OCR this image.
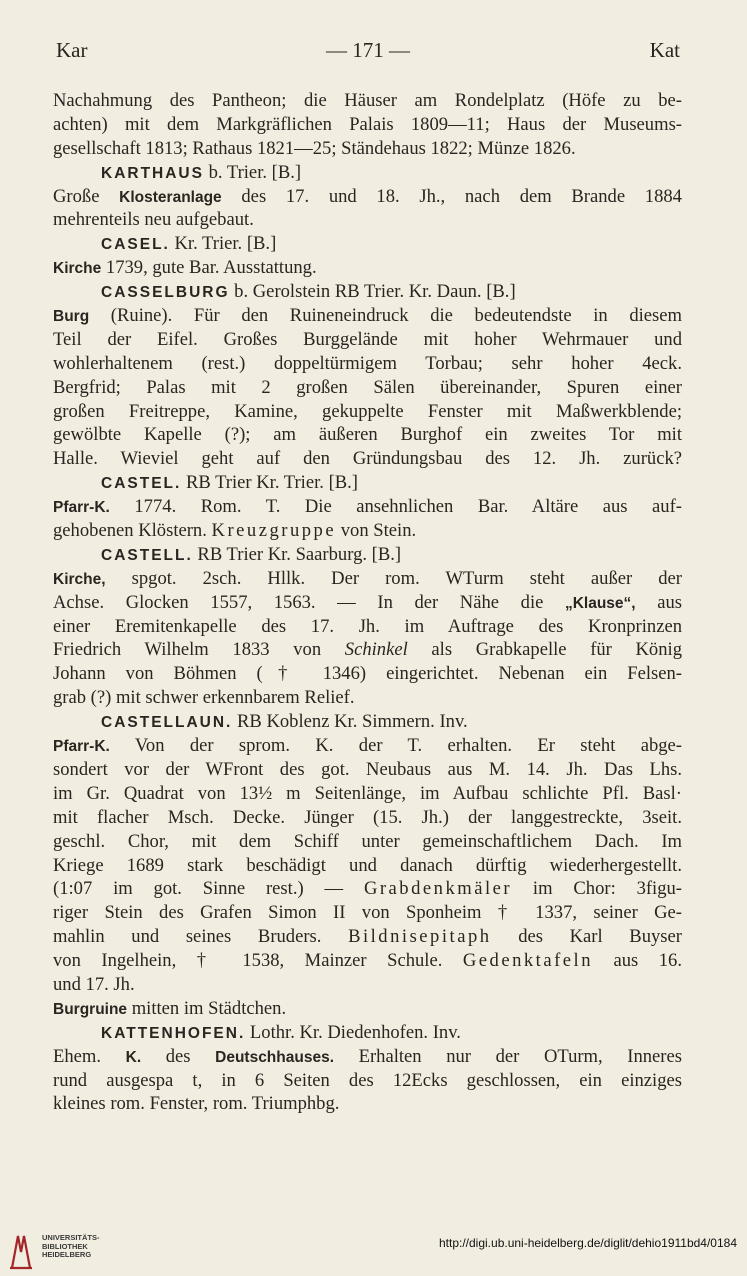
Kar	— 171 —	Kat
Nachahmung des Pantheon; die Häuser am Rondelplatz (Höfe zu be-
achten) mit dem Markgräflichen Palais 1809—11; Haus der Museums-
gesellschaft 1813; Rathaus 1821—25; Ständehaus 1822; Münze 1826.
KARTHAUS b. Trier. [B.]
Große Klosteranlage des 17. und 18. Jh., nach dem Brande 1884
mehrenteils neu aufgebaut.
CASEL. Kr. Trier. [B.]
Kirche 1739, gute Bar. Ausstattung.
CASSELBURG b. Gerolstein RB Trier. Kr. Daun. [B.]
Burg (Ruine). Für den Ruineneindruck die bedeutendste in diesem
Teil der Eifel. Großes Burggelände mit hoher Wehrmauer und
wohlerhaltenem (rest.) doppeltürmigem Torbau; sehr hoher 4eck.
Bergfrid; Palas mit 2 großen Sälen übereinander, Spuren einer
großen Freitreppe, Kamine, gekuppelte Fenster mit Maßwerkblende;
gewölbte Kapelle (?); am äußeren Burghof ein zweites Tor mit
Halle. Wieviel geht auf den Gründungsbau des 12. Jh. zurück?
CASTEL. RB Trier Kr. Trier. [B.]
Pfarr-K. 1774. Rom. T. Die ansehnlichen Bar. Altäre aus auf-
gehobenen Klöstern. Kreuzgruppe von Stein.
CASTELL. RB Trier Kr. Saarburg. [B.]
Kirche, spgot. 2sch. Hllk. Der rom. WTurm steht außer der
Achse. Glocken 1557, 1563. — In der Nähe die „Klause“, aus
einer Eremitenkapelle des 17. Jh. im Auftrage des Kronprinzen
Friedrich Wilhelm 1833 von Schinkel als Grabkapelle für König
Johann von Böhmen († 1346) eingerichtet. Nebenan ein Felsen-
grab (?) mit schwer erkennbarem Relief.
CASTELLAUN. RB Koblenz Kr. Simmern. Inv.
Pfarr-K. Von der sprom. K. der T. erhalten. Er steht abge-
sondert vor der WFront des got. Neubaus aus M. 14. Jh. Das Lhs.
im Gr. Quadrat von 13½ m Seitenlänge, im Aufbau schlichte Pfl. Basl·
mit flacher Msch. Decke. Jünger (15. Jh.) der langgestreckte, 3seit.
geschl. Chor, mit dem Schiff unter gemeinschaftlichem Dach. Im
Kriege 1689 stark beschädigt und danach dürftig wiederhergestellt.
(1:07 im got. Sinne rest.) — Grabdenkmäler im Chor: 3figu-
riger Stein des Grafen Simon II von Sponheim † 1337, seiner Ge-
mahlin und seines Bruders. Bildnisepitaph des Karl Buyser
von Ingelhein, † 1538, Mainzer Schule. Gedenktafeln aus 16.
und 17. Jh.
Burgruine mitten im Städtchen.
KATTENHOFEN. Lothr. Kr. Diedenhofen. Inv.
Ehem. K. des Deutschhauses. Erhalten nur der OTurm, Inneres
rund ausgespa t, in 6 Seiten des 12Ecks geschlossen, ein einziges
kleines rom. Fenster, rom. Triumphbg.
UNIVERSITÄTS-
BIBLIOTHEK
HEIDELBERG
http://digi.ub.uni-heidelberg.de/diglit/dehio1911bd4/0184
